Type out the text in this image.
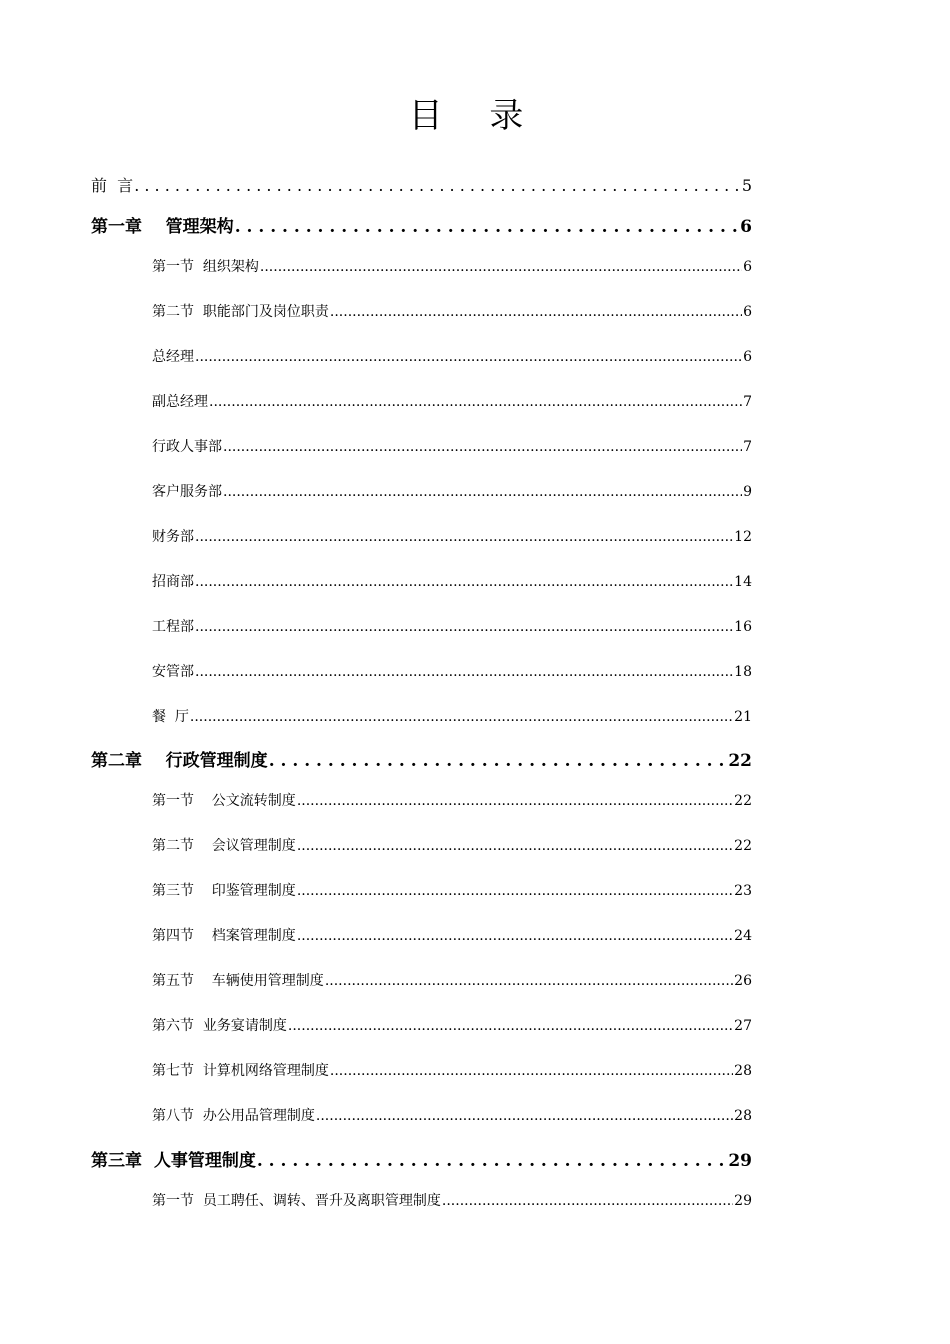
目 录
前  言 . . .	5
第一章    管理架构 . . .	6
第一节  组织架构 .....	6
第二节  职能部门及岗位职责 .....	6
总经理 .....	6
副总经理 .....	7
行政人事部 .....	7
客户服务部 .....	9
财务部 .....	12
招商部 .....	14
工程部 .....	16
安管部 .....	18
餐  厅 .....	21
第二章    行政管理制度 . . .	22
第一节    公文流转制度 .....	22
第二节    会议管理制度 .....	22
第三节    印鉴管理制度 .....	23
第四节    档案管理制度 .....	24
第五节    车辆使用管理制度 .....	26
第六节  业务宴请制度 .....	27
第七节  计算机网络管理制度 .....	28
第八节  办公用品管理制度 .....	28
第三章  人事管理制度 . . .	29
第一节  员工聘任、调转、晋升及离职管理制度 .....	29
